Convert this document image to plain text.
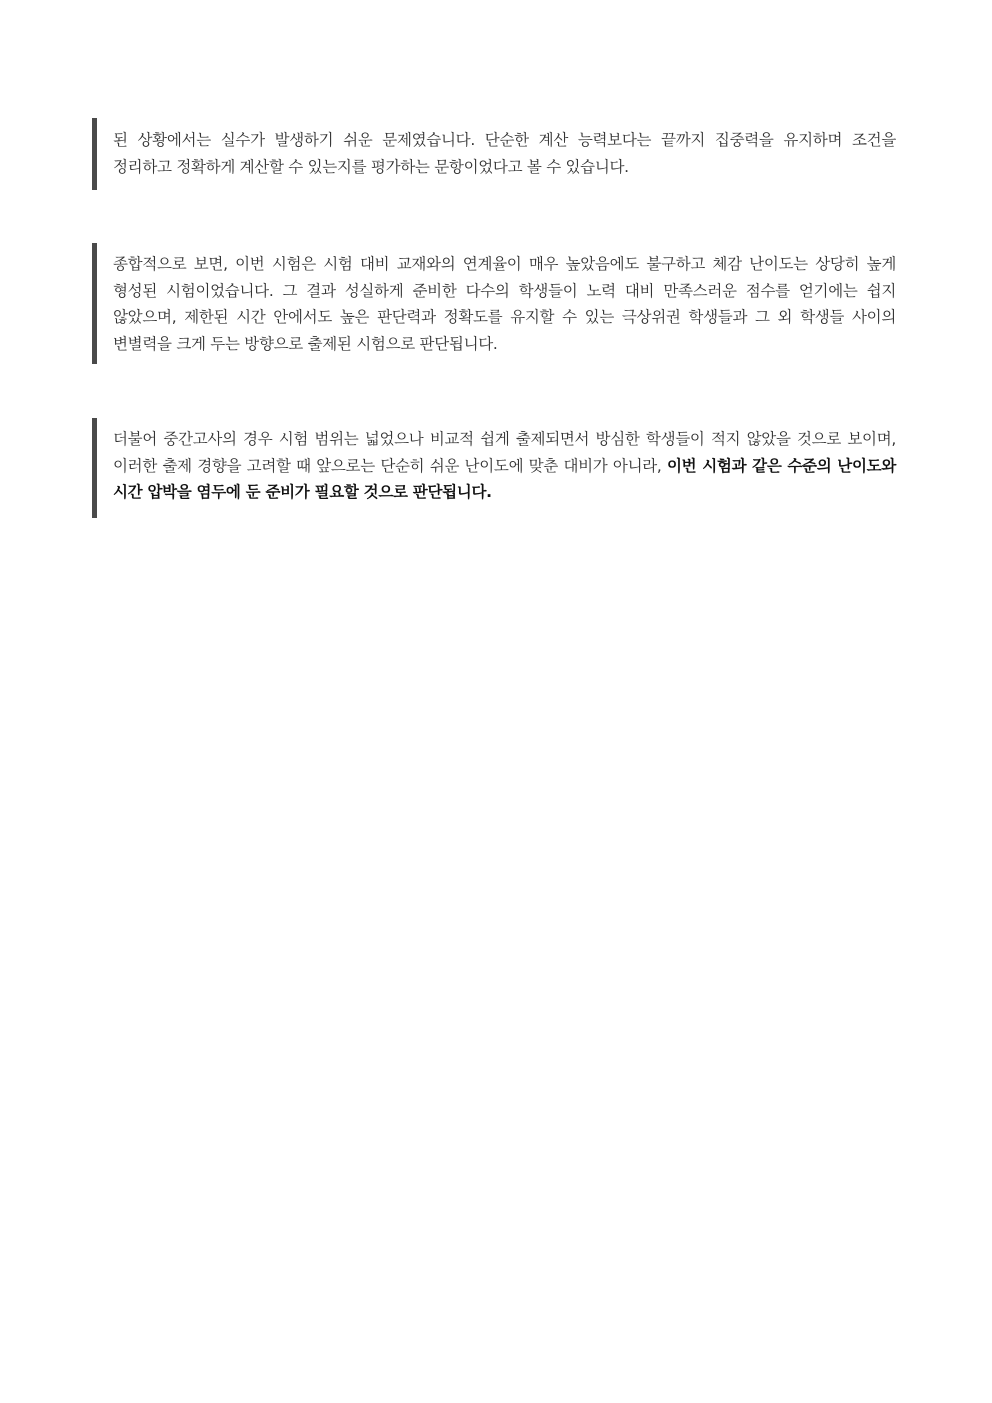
된 상황에서는 실수가 발생하기 쉬운 문제였습니다. 단순한 계산 능력보다는 끝까지 집중력을 유지하며 조건을 정리하고 정확하게 계산할 수 있는지를 평가하는 문항이었다고 볼 수 있습니다.

종합적으로 보면, 이번 시험은 시험 대비 교재와의 연계율이 매우 높았음에도 불구하고 체감 난이도는 상당히 높게 형성된 시험이었습니다. 그 결과 성실하게 준비한 다수의 학생들이 노력 대비 만족스러운 점수를 얻기에는 쉽지 않았으며, 제한된 시간 안에서도 높은 판단력과 정확도를 유지할 수 있는 극상위권 학생들과 그 외 학생들 사이의 변별력을 크게 두는 방향으로 출제된 시험으로 판단됩니다.

더불어 중간고사의 경우 시험 범위는 넓었으나 비교적 쉽게 출제되면서 방심한 학생들이 적지 않았을 것으로 보이며, 이러한 출제 경향을 고려할 때 앞으로는 단순히 쉬운 난이도에 맞춘 대비가 아니라, 이번 시험과 같은 수준의 난이도와 시간 압박을 염두에 둔 준비가 필요할 것으로 판단됩니다.
